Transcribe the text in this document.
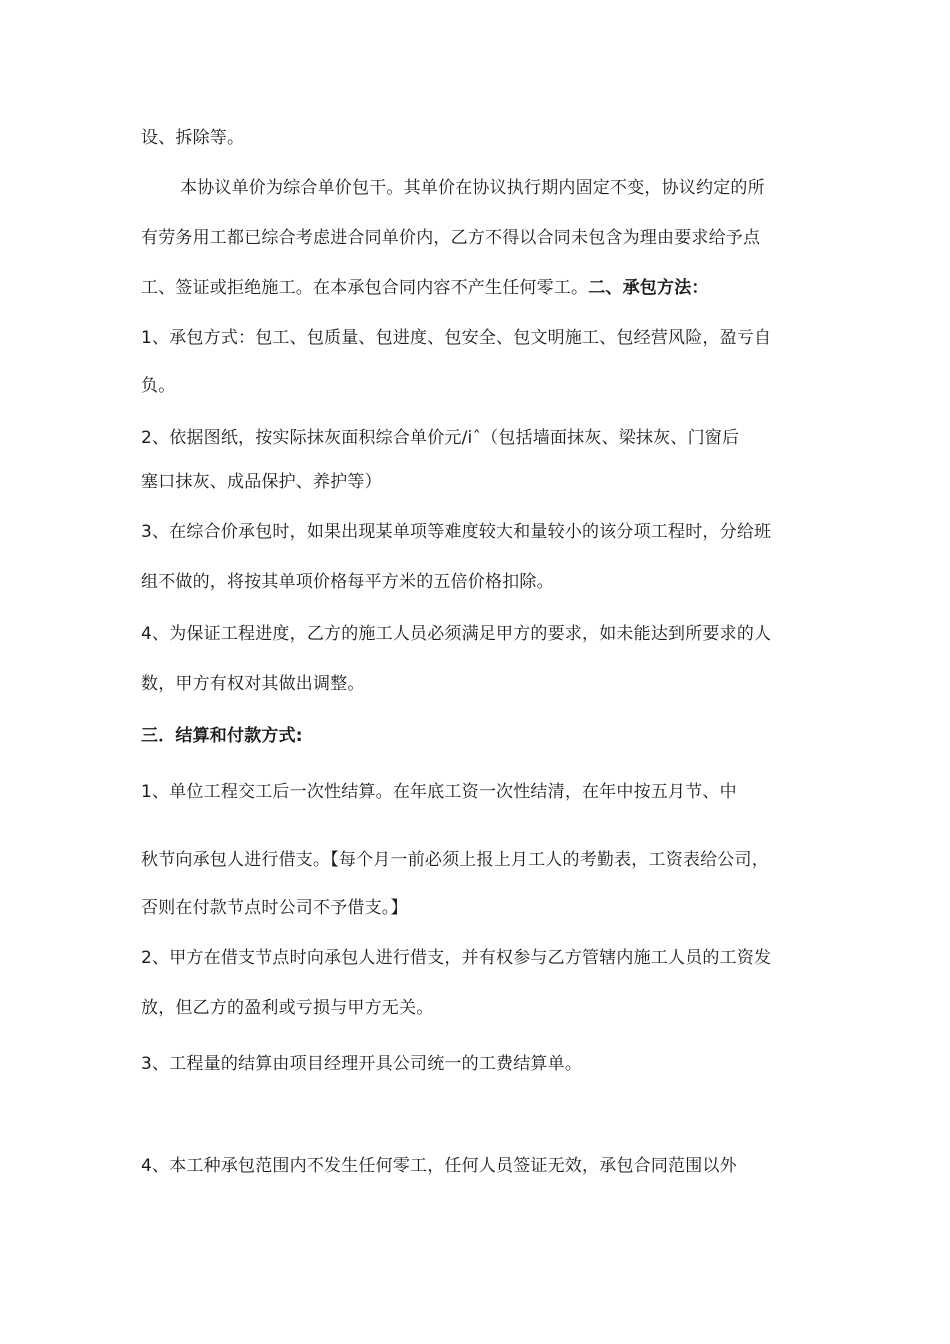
设、拆除等。
本协议单价为综合单价包干。其单价在协议执行期内固定不变，协议约定的所
有劳务用工都已综合考虑进合同单价内，乙方不得以合同未包含为理由要求给予点
工、签证或拒绝施工。在本承包合同内容不产生任何零工。二、承包方法：
1、承包方式：包工、包质量、包进度、包安全、包文明施工、包经营风险，盈亏自
负。
2、依据图纸，按实际抹灰面积综合单价元/iˆ（包括墙面抹灰、梁抹灰、门窗后
塞口抹灰、成品保护、养护等）
3、在综合价承包时，如果出现某单项等难度较大和量较小的该分项工程时，分给班
组不做的，将按其单项价格每平方米的五倍价格扣除。
4、为保证工程进度，乙方的施工人员必须满足甲方的要求，如未能达到所要求的人
数，甲方有权对其做出调整。
三．结算和付款方式:
1、单位工程交工后一次性结算。在年底工资一次性结清，在年中按五月节、中
秋节向承包人进行借支。【每个月一前必须上报上月工人的考勤表，工资表给公司，
否则在付款节点时公司不予借支。】
2、甲方在借支节点时向承包人进行借支，并有权参与乙方管辖内施工人员的工资发
放，但乙方的盈利或亏损与甲方无关。
3、工程量的结算由项目经理开具公司统一的工费结算单。
4、本工种承包范围内不发生任何零工，任何人员签证无效，承包合同范围以外
